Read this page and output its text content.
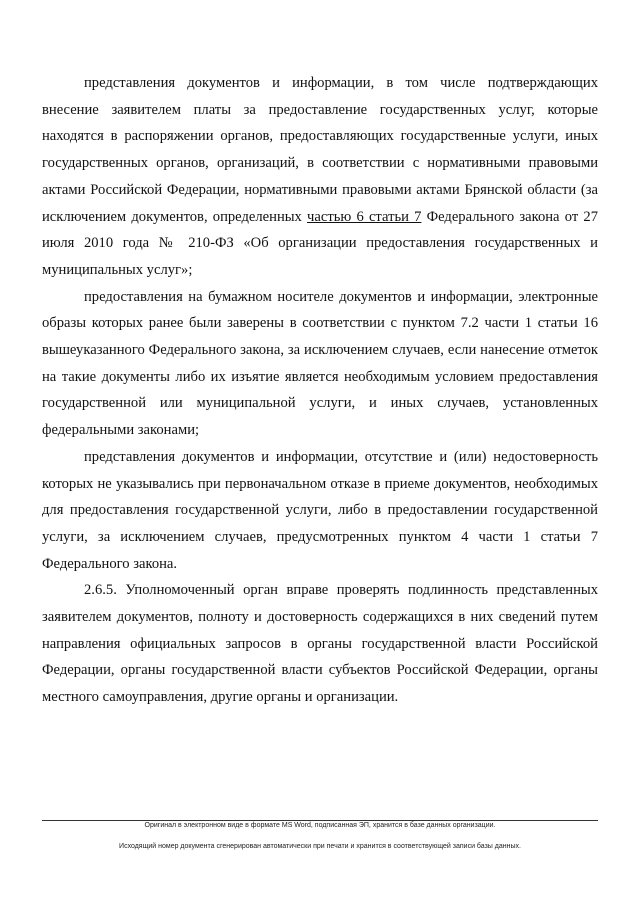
представления документов и информации, в том числе подтверждающих внесение заявителем платы за предоставление государственных услуг, которые находятся в распоряжении органов, предоставляющих государственные услуги, иных государственных органов, организаций, в соответствии с нормативными правовыми актами Российской Федерации, нормативными правовыми актами Брянской области (за исключением документов, определенных частью 6 статьи 7 Федерального закона от 27 июля 2010 года № 210-ФЗ «Об организации предоставления государственных и муниципальных услуг»;

предоставления на бумажном носителе документов и информации, электронные образы которых ранее были заверены в соответствии с пунктом 7.2 части 1 статьи 16 вышеуказанного Федерального закона, за исключением случаев, если нанесение отметок на такие документы либо их изъятие является необходимым условием предоставления государственной или муниципальной услуги, и иных случаев, установленных федеральными законами;

представления документов и информации, отсутствие и (или) недостоверность которых не указывались при первоначальном отказе в приеме документов, необходимых для предоставления государственной услуги, либо в предоставлении государственной услуги, за исключением случаев, предусмотренных пунктом 4 части 1 статьи 7 Федерального закона.

2.6.5. Уполномоченный орган вправе проверять подлинность представленных заявителем документов, полноту и достоверность содержащихся в них сведений путем направления официальных запросов в органы государственной власти Российской Федерации, органы государственной власти субъектов Российской Федерации, органы местного самоуправления, другие органы и организации.

Оригинал в электронном виде в формате MS Word, подписанная ЭП, хранится в базе данных организации.
Исходящий номер документа сгенерирован автоматически при печати и хранится в соответствующей записи базы данных.
